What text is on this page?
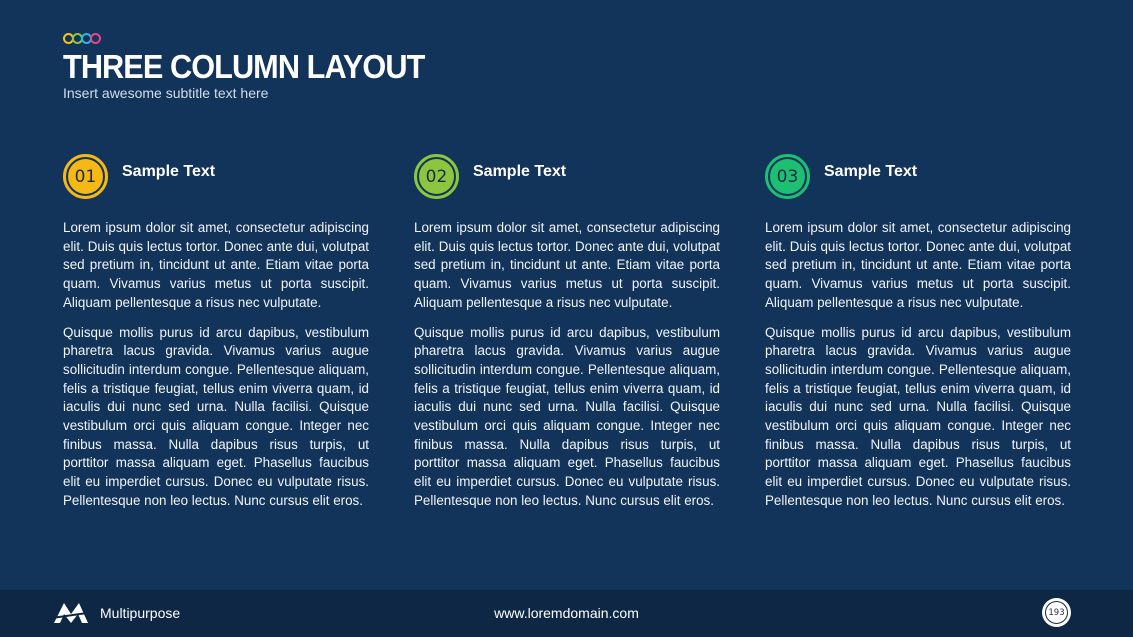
THREE COLUMN LAYOUT
Insert awesome subtitle text here
01	Sample Text

Lorem ipsum dolor sit amet, consectetur adipiscing elit. Duis quis lectus tortor. Donec ante dui, volutpat sed pretium in, tincidunt ut ante. Etiam vitae porta quam. Vivamus varius metus ut porta suscipit. Aliquam pellentesque a risus nec vulputate.

Quisque mollis purus id arcu dapibus, vestibulum pharetra lacus gravida. Vivamus varius augue sollicitudin interdum congue. Pellentesque aliquam, felis a tristique feugiat, tellus enim viverra quam, id iaculis dui nunc sed urna. Nulla facilisi. Quisque vestibulum orci quis aliquam congue. Integer nec finibus massa. Nulla dapibus risus turpis, ut porttitor massa aliquam eget. Phasellus faucibus elit eu imperdiet cursus. Donec eu vulputate risus. Pellentesque non leo lectus. Nunc cursus elit eros.

02	Sample Text

Lorem ipsum dolor sit amet, consectetur adipiscing elit. Duis quis lectus tortor. Donec ante dui, volutpat sed pretium in, tincidunt ut ante. Etiam vitae porta quam. Vivamus varius metus ut porta suscipit. Aliquam pellentesque a risus nec vulputate.

Quisque mollis purus id arcu dapibus, vestibulum pharetra lacus gravida. Vivamus varius augue sollicitudin interdum congue. Pellentesque aliquam, felis a tristique feugiat, tellus enim viverra quam, id iaculis dui nunc sed urna. Nulla facilisi. Quisque vestibulum orci quis aliquam congue. Integer nec finibus massa. Nulla dapibus risus turpis, ut porttitor massa aliquam eget. Phasellus faucibus elit eu imperdiet cursus. Donec eu vulputate risus. Pellentesque non leo lectus. Nunc cursus elit eros.

03	Sample Text

Lorem ipsum dolor sit amet, consectetur adipiscing elit. Duis quis lectus tortor. Donec ante dui, volutpat sed pretium in, tincidunt ut ante. Etiam vitae porta quam. Vivamus varius metus ut porta suscipit. Aliquam pellentesque a risus nec vulputate.

Quisque mollis purus id arcu dapibus, vestibulum pharetra lacus gravida. Vivamus varius augue sollicitudin interdum congue. Pellentesque aliquam, felis a tristique feugiat, tellus enim viverra quam, id iaculis dui nunc sed urna. Nulla facilisi. Quisque vestibulum orci quis aliquam congue. Integer nec finibus massa. Nulla dapibus risus turpis, ut porttitor massa aliquam eget. Phasellus faucibus elit eu imperdiet cursus. Donec eu vulputate risus. Pellentesque non leo lectus. Nunc cursus elit eros.

Multipurpose	www.loremdomain.com	193
